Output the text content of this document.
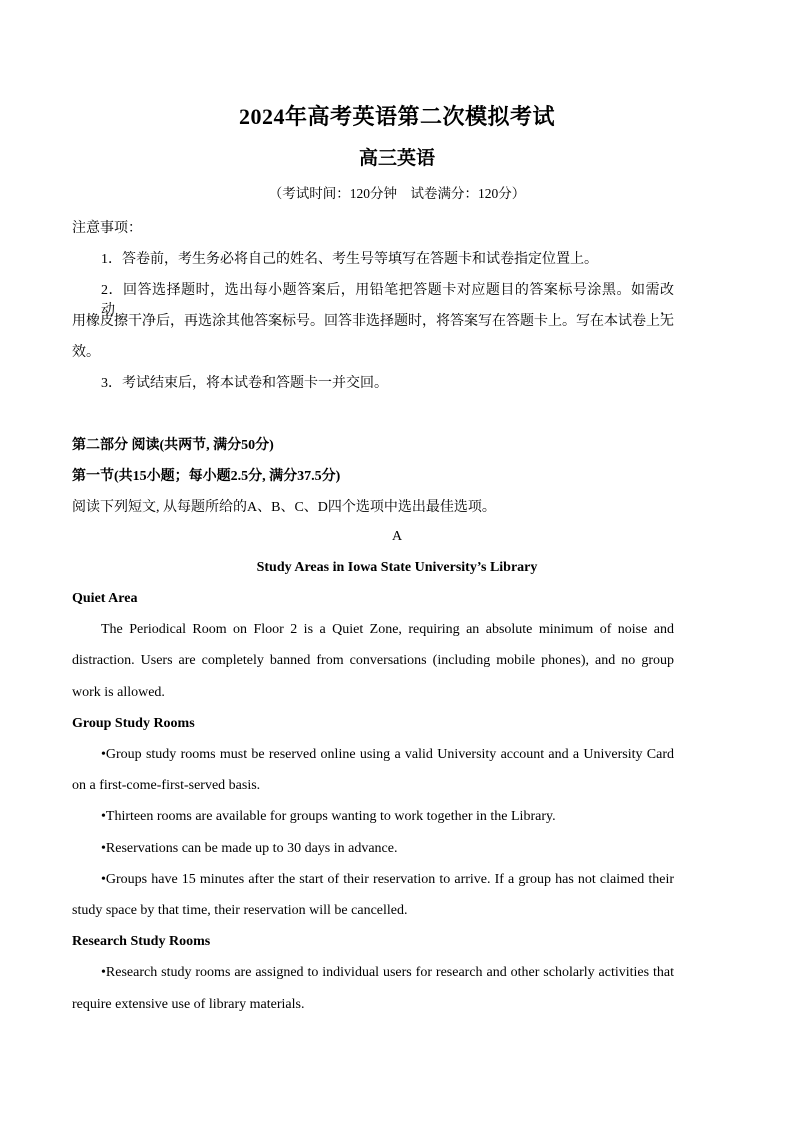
2024年高考英语第二次模拟考试
高三英语

（考试时间：120分钟　试卷满分：120分）

注意事项：

1．答卷前，考生务必将自己的姓名、考生号等填写在答题卡和试卷指定位置上。

2．回答选择题时，选出每小题答案后，用铅笔把答题卡对应题目的答案标号涂黑。如需改动，

用橡皮擦干净后，再选涂其他答案标号。回答非选择题时，将答案写在答题卡上。写在本试卷上无

效。

3．考试结束后，将本试卷和答题卡一并交回。

第二部分 阅读(共两节, 满分50分)

第一节(共15小题；每小题2.5分, 满分37.5分)

阅读下列短文, 从每题所给的A、B、C、D四个选项中选出最佳选项。

A

Study Areas in Iowa State University’s Library

Quiet Area

The Periodical Room on Floor 2 is a Quiet Zone, requiring an absolute minimum of noise and

distraction. Users are completely banned from conversations (including mobile phones), and no group

work is allowed.

Group Study Rooms

•Group study rooms must be reserved online using a valid University account and a University Card

on a first-come-first-served basis.

•Thirteen rooms are available for groups wanting to work together in the Library.

•Reservations can be made up to 30 days in advance.

•Groups have 15 minutes after the start of their reservation to arrive. If a group has not claimed their

study space by that time, their reservation will be cancelled.

Research Study Rooms

•Research study rooms are assigned to individual users for research and other scholarly activities that

require extensive use of library materials.
